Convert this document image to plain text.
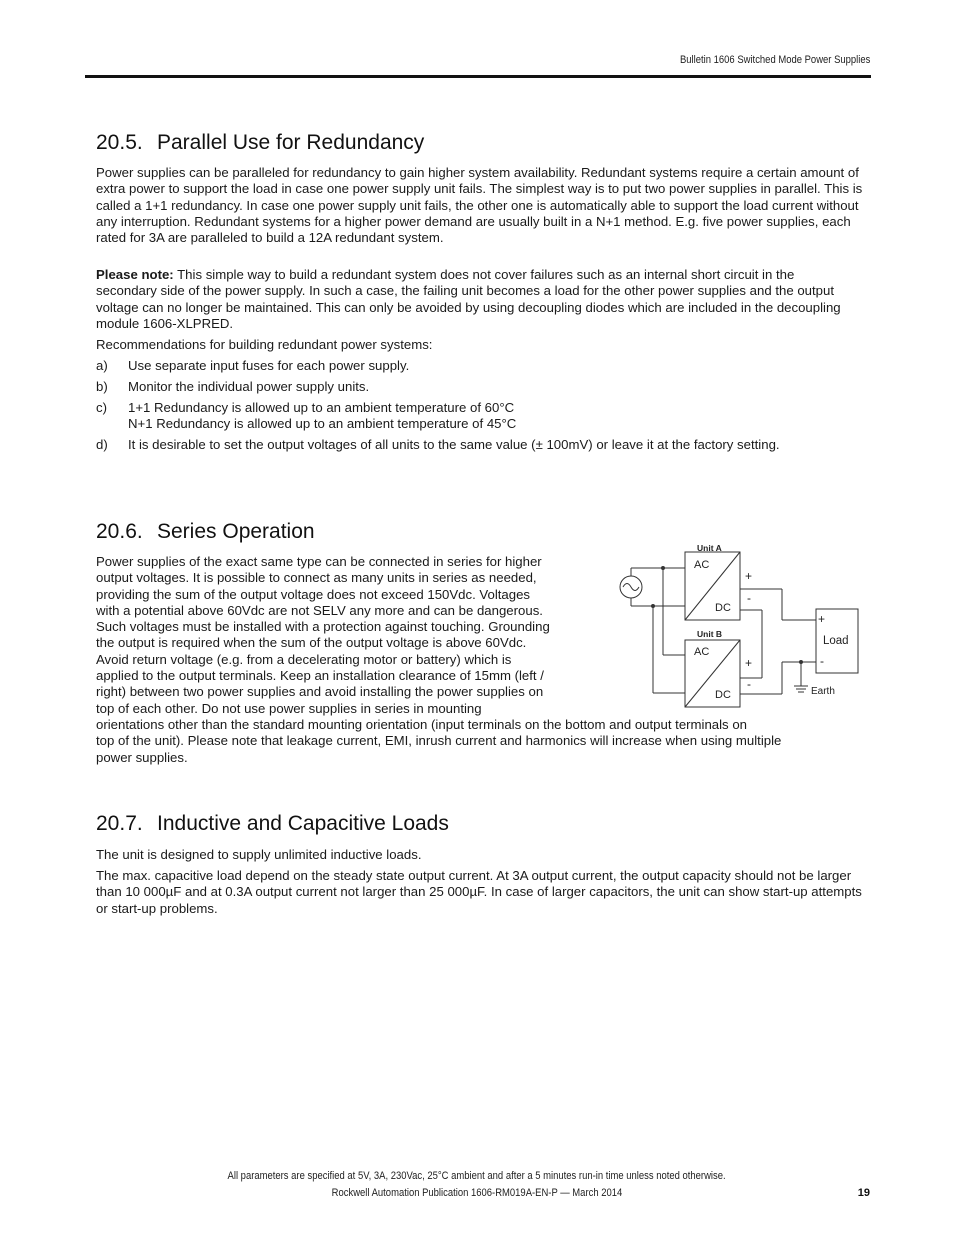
Bulletin 1606 Switched Mode Power Supplies
20.5. Parallel Use for Redundancy

Power supplies can be paralleled for redundancy to gain higher system availability. Redundant systems require a certain amount of extra power to support the load in case one power supply unit fails. The simplest way is to put two power supplies in parallel. This is called a 1+1 redundancy. In case one power supply unit fails, the other one is automatically able to support the load current without any interruption. Redundant systems for a higher power demand are usually built in a N+1 method. E.g. five power supplies, each rated for 3A are paralleled to build a 12A redundant system.

Please note: This simple way to build a redundant system does not cover failures such as an internal short circuit in the secondary side of the power supply. In such a case, the failing unit becomes a load for the other power supplies and the output voltage can no longer be maintained. This can only be avoided by using decoupling diodes which are included in the decoupling module 1606-XLPRED.

Recommendations for building redundant power systems:

a) Use separate input fuses for each power supply.
b) Monitor the individual power supply units.
c) 1+1 Redundancy is allowed up to an ambient temperature of 60°C
N+1 Redundancy is allowed up to an ambient temperature of 45°C
d) It is desirable to set the output voltages of all units to the same value (± 100mV) or leave it at the factory setting.
20.6. Series Operation
Power supplies of the exact same type can be connected in series for higher
output voltages. It is possible to connect as many units in series as needed,
providing the sum of the output voltage does not exceed 150Vdc. Voltages
with a potential above 60Vdc are not SELV any more and can be dangerous.
Such voltages must be installed with a protection against touching. Grounding
the output is required when the sum of the output voltage is above 60Vdc.
Avoid return voltage (e.g. from a decelerating motor or battery) which is
applied to the output terminals. Keep an installation clearance of 15mm (left /
right) between two power supplies and avoid installing the power supplies on
top of each other. Do not use power supplies in series in mounting
orientations other than the standard mounting orientation (input terminals on the bottom and output terminals on
top of the unit). Please note that leakage current, EMI, inrush current and harmonics will increase when using multiple
power supplies.
Unit A
AC
DC
+
-
Unit B
AC
DC
+
-
+
Load
-
Earth
20.7. Inductive and Capacitive Loads

The unit is designed to supply unlimited inductive loads.

The max. capacitive load depend on the steady state output current. At 3A output current, the output capacity should not be larger than 10 000µF and at 0.3A output current not larger than 25 000µF. In case of larger capacitors, the unit can show start-up attempts or start-up problems.

All parameters are specified at 5V, 3A, 230Vac, 25°C ambient and after a 5 minutes run-in time unless noted otherwise.
Rockwell Automation Publication 1606-RM019A-EN-P — March 2014	19
